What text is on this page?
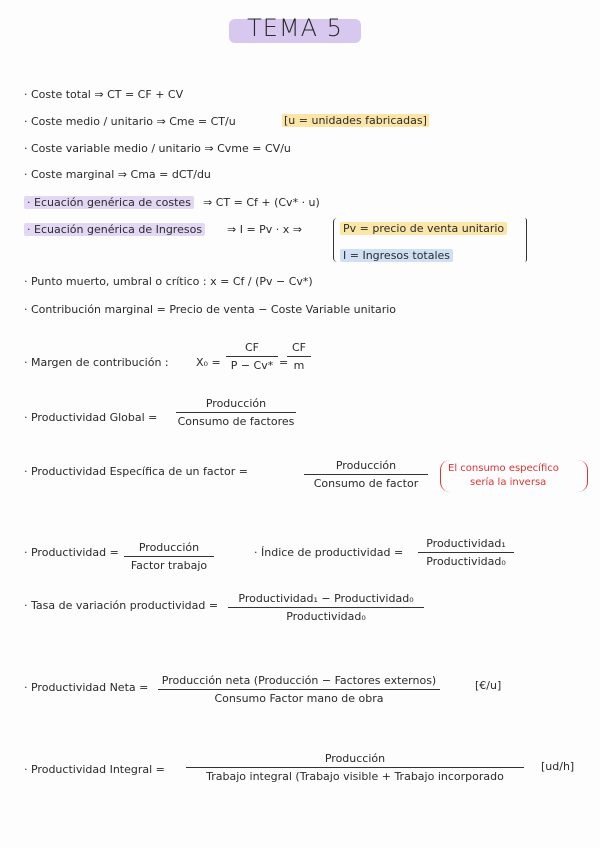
TEMA 5
· Coste total ⇒ CT = CF + CV
· Coste medio / unitario ⇒ Cme = CT/u	[u = unidades fabricadas]
· Coste variable medio / unitario ⇒ Cvme = CV/u
· Coste marginal ⇒ Cma = dCT/du
· Ecuación genérica de costes ⇒ CT = Cf + (Cv* · u)
· Ecuación genérica de Ingresos ⇒ I = Pv · x ⇒	Pv = precio de venta unitario
I = Ingresos totales
· Punto muerto, umbral o crítico : x = Cf / (Pv − Cv*)
· Contribución marginal = Precio de venta − Coste Variable unitario
· Margen de contribución : X₀ =
CF
P − Cv* =
CF
m
· Productividad Global =
Producción
Consumo de factores
· Productividad Específica de un factor =	Producción
Consumo de factor
El consumo específico
sería la inversa
· Productividad =	Producción
Factor trabajo
· Índice de productividad =
Productividad₁
Productividad₀
· Tasa de variación productividad =
Productividad₁ − Productividad₀
Productividad₀
· Productividad Neta =
Producción neta (Producción − Factores externos)
Consumo Factor mano de obra
[€/u]
· Productividad Integral =
Producción
Trabajo integral (Trabajo visible + Trabajo incorporado
[ud/h]
